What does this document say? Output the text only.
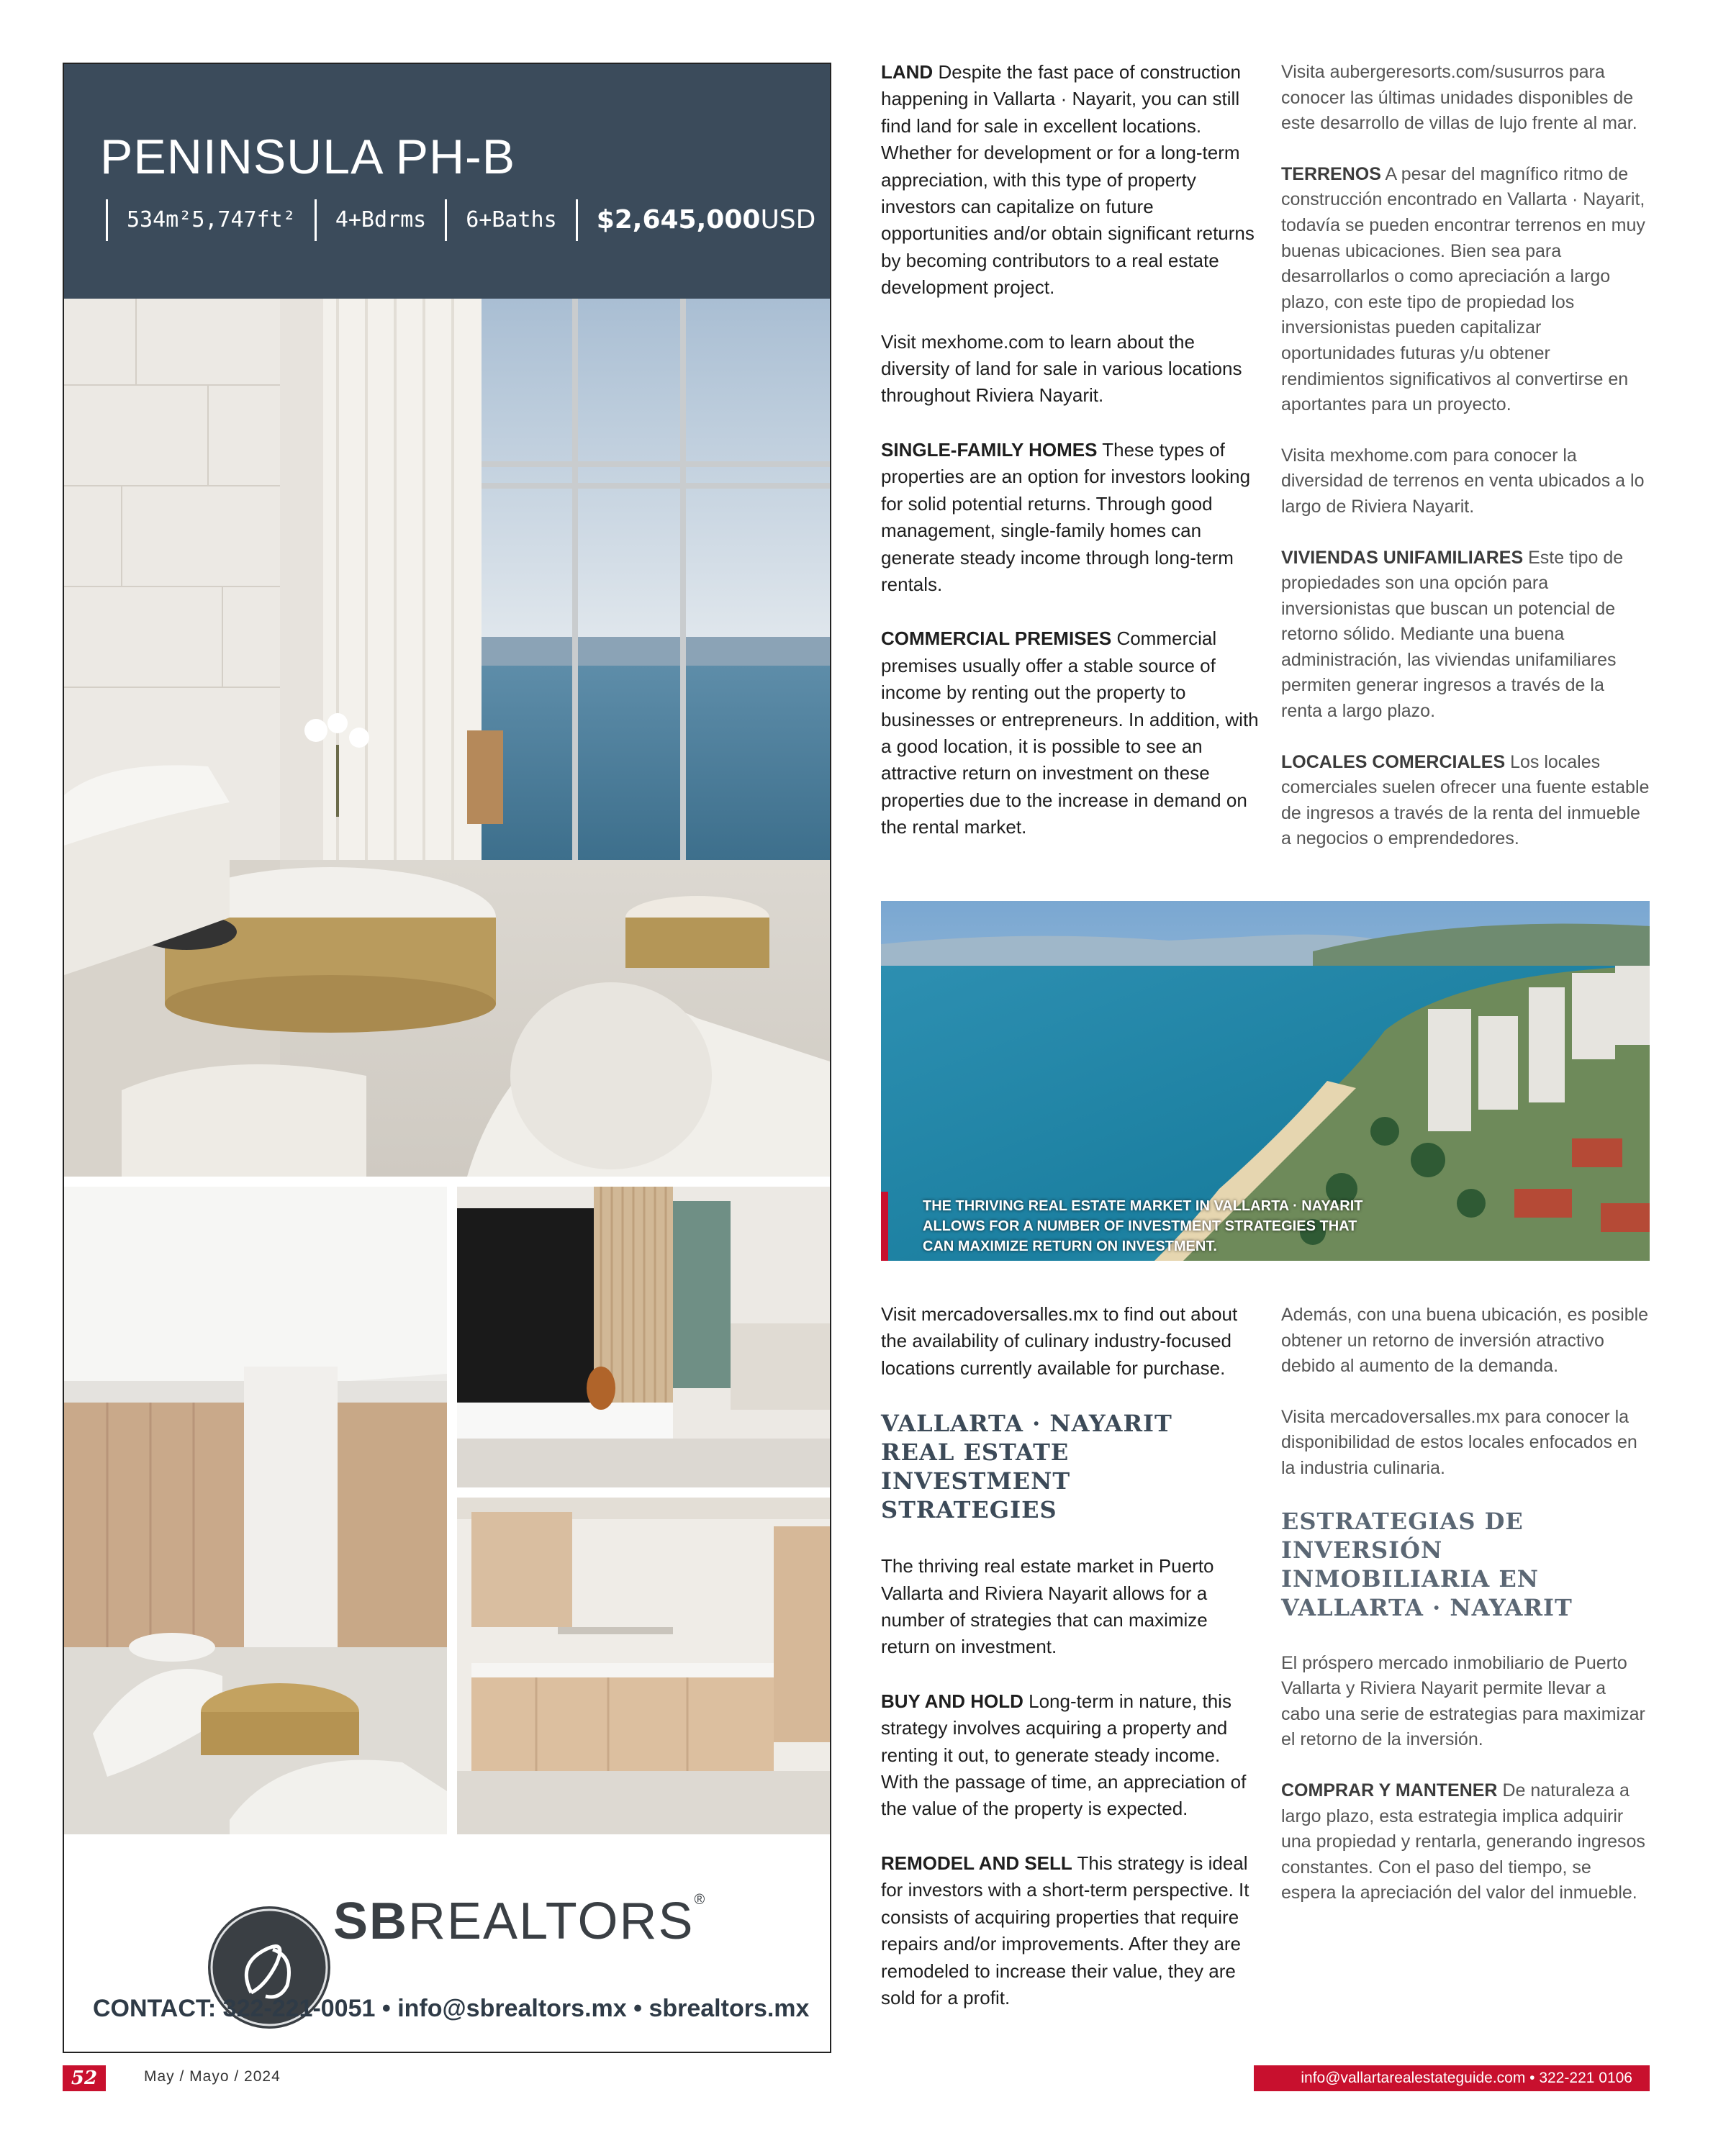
PENINSULA PH-B
534m²5,747ft²	4+Bdrms	6+Baths	$2,645,000USD
SBREALTORS®
CONTACT: 322-221-0051 • info@sbrealtors.mx • sbrealtors.mx

LAND Despite the fast pace of construction happening in Vallarta · Nayarit, you can still find land for sale in excellent locations. Whether for development or for a long-term appreciation, with this type of property investors can capitalize on future opportunities and/or obtain significant returns by becoming contributors to a real estate development project.

Visit mexhome.com to learn about the diversity of land for sale in various locations throughout Riviera Nayarit.

SINGLE-FAMILY HOMES These types of properties are an option for investors looking for solid potential returns. Through good management, single-family homes can generate steady income through long-term rentals.

COMMERCIAL PREMISES Commercial premises usually offer a stable source of income by renting out the property to businesses or entrepreneurs. In addition, with a good location, it is possible to see an attractive return on investment on these properties due to the increase in demand on the rental market.

Visita aubergeresorts.com/susurros para conocer las últimas unidades disponibles de este desarrollo de villas de lujo frente al mar.

TERRENOS A pesar del magnífico ritmo de construcción encontrado en Vallarta · Nayarit, todavía se pueden encontrar terrenos en muy buenas ubicaciones. Bien sea para desarrollarlos o como apreciación a largo plazo, con este tipo de propiedad los inversionistas pueden capitalizar oportunidades futuras y/u obtener rendimientos significativos al convertirse en aportantes para un proyecto.

Visita mexhome.com para conocer la diversidad de terrenos en venta ubicados a lo largo de Riviera Nayarit.

VIVIENDAS UNIFAMILIARES Este tipo de propiedades son una opción para inversionistas que buscan un potencial de retorno sólido. Mediante una buena administración, las viviendas unifamiliares permiten generar ingresos a través de la renta a largo plazo.

LOCALES COMERCIALES Los locales comerciales suelen ofrecer una fuente estable de ingresos a través de la renta del inmueble a negocios o emprendedores.

THE THRIVING REAL ESTATE MARKET IN VALLARTA · NAYARIT
ALLOWS FOR A NUMBER OF INVESTMENT STRATEGIES THAT
CAN MAXIMIZE RETURN ON INVESTMENT.

Visit mercadoversalles.mx to find out about the availability of culinary industry-focused locations currently available for purchase.

VALLARTA · NAYARIT
REAL ESTATE INVESTMENT
STRATEGIES

The thriving real estate market in Puerto Vallarta and Riviera Nayarit allows for a number of strategies that can maximize return on investment.

BUY AND HOLD Long-term in nature, this strategy involves acquiring a property and renting it out, to generate steady income. With the passage of time, an appreciation of the value of the property is expected.

REMODEL AND SELL This strategy is ideal for investors with a short-term perspective. It consists of acquiring properties that require repairs and/or improvements. After they are remodeled to increase their value, they are sold for a profit.

Además, con una buena ubicación, es posible obtener un retorno de inversión atractivo debido al aumento de la demanda.

Visita mercadoversalles.mx para conocer la disponibilidad de estos locales enfocados en la industria culinaria.

ESTRATEGIAS DE INVERSIÓN
INMOBILIARIA EN
VALLARTA · NAYARIT

El próspero mercado inmobiliario de Puerto Vallarta y Riviera Nayarit permite llevar a cabo una serie de estrategias para maximizar el retorno de la inversión.

COMPRAR Y MANTENER De naturaleza a largo plazo, esta estrategia implica adquirir una propiedad y rentarla, generando ingresos constantes. Con el paso del tiempo, se espera la apreciación del valor del inmueble.

52	May / Mayo / 2024	info@vallartarealestateguide.com • 322-221 0106
